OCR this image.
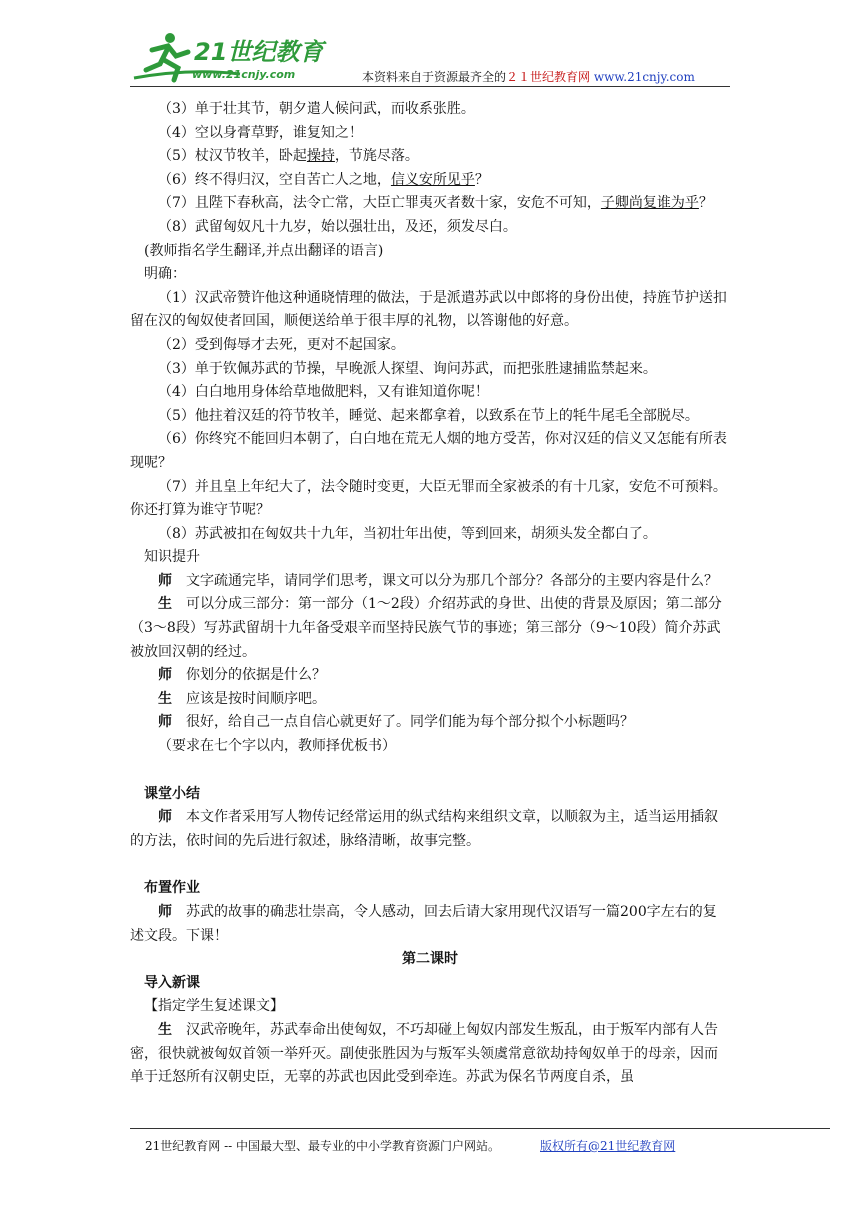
21世纪教育
www.21cnjy.com	本资料来自于资源最齐全的２１世纪教育网 www.21cnjy.com

（3）单于壮其节，朝夕遣人候问武，而收系张胜。

（4）空以身膏草野，谁复知之！

（5）杖汉节牧羊，卧起操持，节旄尽落。

（6）终不得归汉，空自苦亡人之地，信义安所见乎？

（7）且陛下春秋高，法令亡常，大臣亡罪夷灭者数十家，安危不可知，子卿尚复谁为乎？

（8）武留匈奴凡十九岁，始以强壮出，及还，须发尽白。

(教师指名学生翻译,并点出翻译的语言)

明确：

（1）汉武帝赞许他这种通晓情理的做法，于是派遣苏武以中郎将的身份出使，持旌节护送扣留在汉的匈奴使者回国，顺便送给单于很丰厚的礼物，以答谢他的好意。

（2）受到侮辱才去死，更对不起国家。

（3）单于钦佩苏武的节操，早晚派人探望、询问苏武，而把张胜逮捕监禁起来。

（4）白白地用身体给草地做肥料，又有谁知道你呢！

（5）他拄着汉廷的符节牧羊，睡觉、起来都拿着，以致系在节上的牦牛尾毛全部脱尽。

（6）你终究不能回归本朝了，白白地在荒无人烟的地方受苦，你对汉廷的信义又怎能有所表现呢？

（7）并且皇上年纪大了，法令随时变更，大臣无罪而全家被杀的有十几家，安危不可预料。你还打算为谁守节呢？

（8）苏武被扣在匈奴共十九年，当初壮年出使，等到回来，胡须头发全都白了。

知识提升

师　文字疏通完毕，请同学们思考，课文可以分为那几个部分？各部分的主要内容是什么？

生　可以分成三部分：第一部分（1～2段）介绍苏武的身世、出使的背景及原因；第二部分（3～8段）写苏武留胡十九年备受艰辛而坚持民族气节的事迹；第三部分（9～10段）简介苏武被放回汉朝的经过。

师　你划分的依据是什么？

生　应该是按时间顺序吧。

师　很好，给自己一点自信心就更好了。同学们能为每个部分拟个小标题吗？

（要求在七个字以内，教师择优板书）

课堂小结

师　本文作者采用写人物传记经常运用的纵式结构来组织文章，以顺叙为主，适当运用插叙的方法，依时间的先后进行叙述，脉络清晰，故事完整。

布置作业

师　苏武的故事的确悲壮崇高，令人感动，回去后请大家用现代汉语写一篇200字左右的复述文段。下课！

第二课时

导入新课

【指定学生复述课文】

生　汉武帝晚年，苏武奉命出使匈奴，不巧却碰上匈奴内部发生叛乱，由于叛军内部有人告密，很快就被匈奴首领一举歼灭。副使张胜因为与叛军头领虞常意欲劫持匈奴单于的母亲，因而单于迁怒所有汉朝史臣，无辜的苏武也因此受到牵连。苏武为保名节两度自杀，虽

21世纪教育网 -- 中国最大型、最专业的中小学教育资源门户网站。	版权所有@21世纪教育网
